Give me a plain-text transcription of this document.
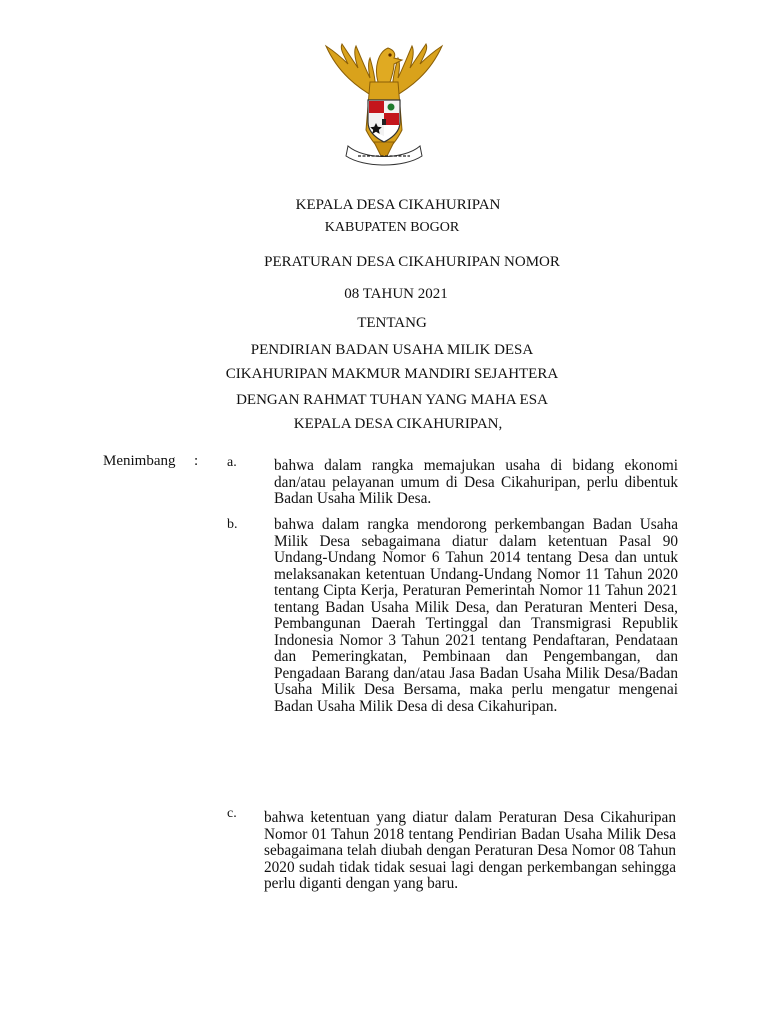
KEPALA DESA CIKAHURIPAN
KABUPATEN BOGOR
PERATURAN DESA CIKAHURIPAN NOMOR
08 TAHUN 2021
TENTANG
PENDIRIAN BADAN USAHA MILIK DESA
CIKAHURIPAN MAKMUR MANDIRI SEJAHTERA
DENGAN RAHMAT TUHAN YANG MAHA ESA
KEPALA DESA CIKAHURIPAN,
Menimbang : a. bahwa dalam rangka memajukan usaha di bidang ekonomi dan/atau pelayanan umum di Desa Cikahuripan, perlu dibentuk Badan Usaha Milik Desa.

b. bahwa dalam rangka mendorong perkembangan Badan Usaha Milik Desa sebagaimana diatur dalam ketentuan Pasal 90 Undang-Undang Nomor 6 Tahun 2014 tentang Desa dan untuk melaksanakan ketentuan Undang-Undang Nomor 11 Tahun 2020 tentang Cipta Kerja, Peraturan Pemerintah Nomor 11 Tahun 2021 tentang Badan Usaha Milik Desa, dan Peraturan Menteri Desa, Pembangunan Daerah Tertinggal dan Transmigrasi Republik Indonesia Nomor 3 Tahun 2021 tentang Pendaftaran, Pendataan dan Pemeringkatan, Pembinaan dan Pengembangan, dan Pengadaan Barang dan/atau Jasa Badan Usaha Milik Desa/Badan Usaha Milik Desa Bersama, maka perlu mengatur mengenai Badan Usaha Milik Desa di desa Cikahuripan.

c. bahwa ketentuan yang diatur dalam Peraturan Desa Cikahuripan Nomor 01 Tahun 2018 tentang Pendirian Badan Usaha Milik Desa sebagaimana telah diubah dengan Peraturan Desa Nomor 08 Tahun 2020 sudah tidak tidak sesuai lagi dengan perkembangan sehingga perlu diganti dengan yang baru.
